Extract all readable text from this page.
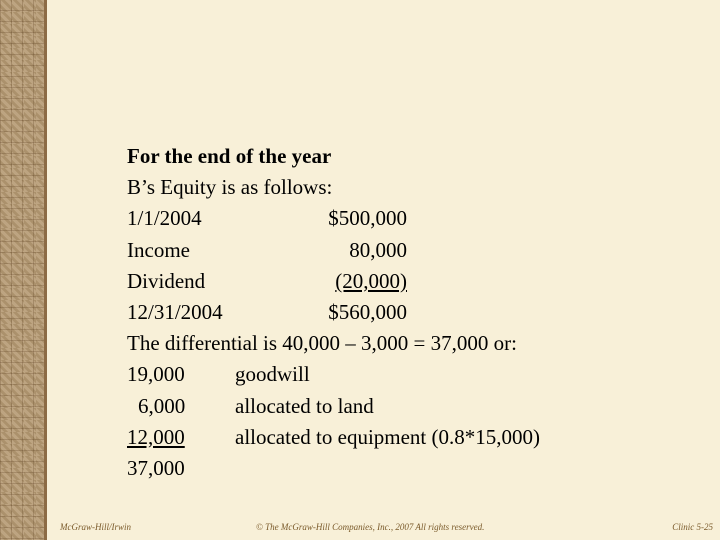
For the end of the year
B’s Equity is as follows:
1/1/2004	$500,000
Income	80,000
Dividend	(20,000)
12/31/2004	$560,000
The differential is 40,000 – 3,000 = 37,000 or:
19,000	goodwill
6,000	allocated to land
12,000	allocated to equipment (0.8*15,000)
37,000
McGraw-Hill/Irwin	© The McGraw-Hill Companies, Inc., 2007 All rights reserved.	Clinic 5-25
